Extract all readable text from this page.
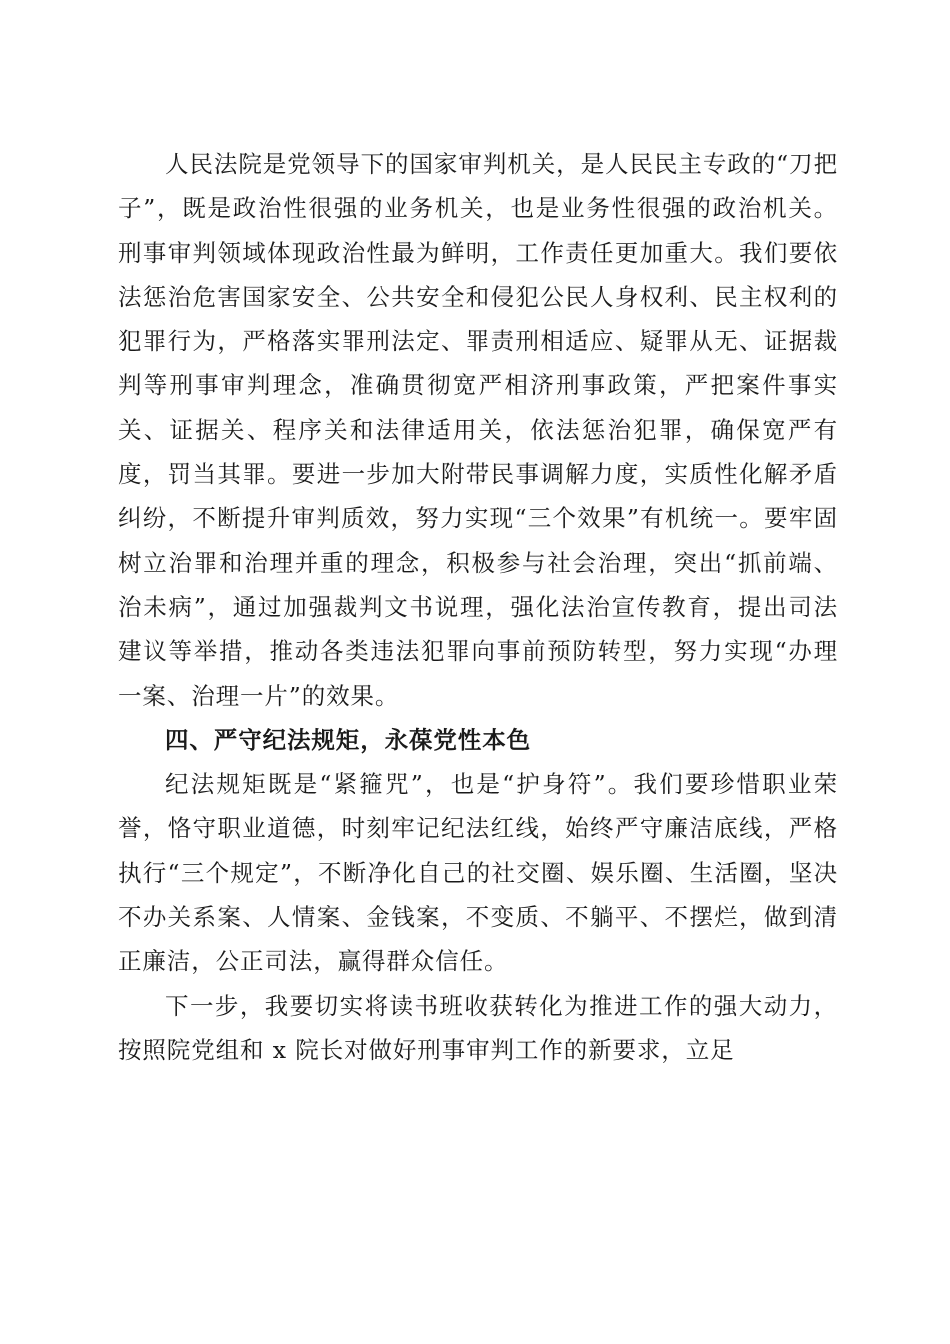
人民法院是党领导下的国家审判机关，是人民民主专政的“刀把子”，既是政治性很强的业务机关，也是业务性很强的政治机关。刑事审判领域体现政治性最为鲜明，工作责任更加重大。我们要依法惩治危害国家安全、公共安全和侵犯公民人身权利、民主权利的犯罪行为，严格落实罪刑法定、罪责刑相适应、疑罪从无、证据裁判等刑事审判理念，准确贯彻宽严相济刑事政策，严把案件事实关、证据关、程序关和法律适用关，依法惩治犯罪，确保宽严有度，罚当其罪。要进一步加大附带民事调解力度，实质性化解矛盾纠纷，不断提升审判质效，努力实现“三个效果”有机统一。要牢固树立治罪和治理并重的理念，积极参与社会治理，突出“抓前端、治未病”，通过加强裁判文书说理，强化法治宣传教育，提出司法建议等举措，推动各类违法犯罪向事前预防转型，努力实现“办理一案、治理一片”的效果。

四、严守纪法规矩，永葆党性本色

纪法规矩既是“紧箍咒”，也是“护身符”。我们要珍惜职业荣誉，恪守职业道德，时刻牢记纪法红线，始终严守廉洁底线，严格执行“三个规定”，不断净化自己的社交圈、娱乐圈、生活圈，坚决不办关系案、人情案、金钱案，不变质、不躺平、不摆烂，做到清正廉洁，公正司法，赢得群众信任。

下一步，我要切实将读书班收获转化为推进工作的强大动力，按照院党组和 x 院长对做好刑事审判工作的新要求，立足
